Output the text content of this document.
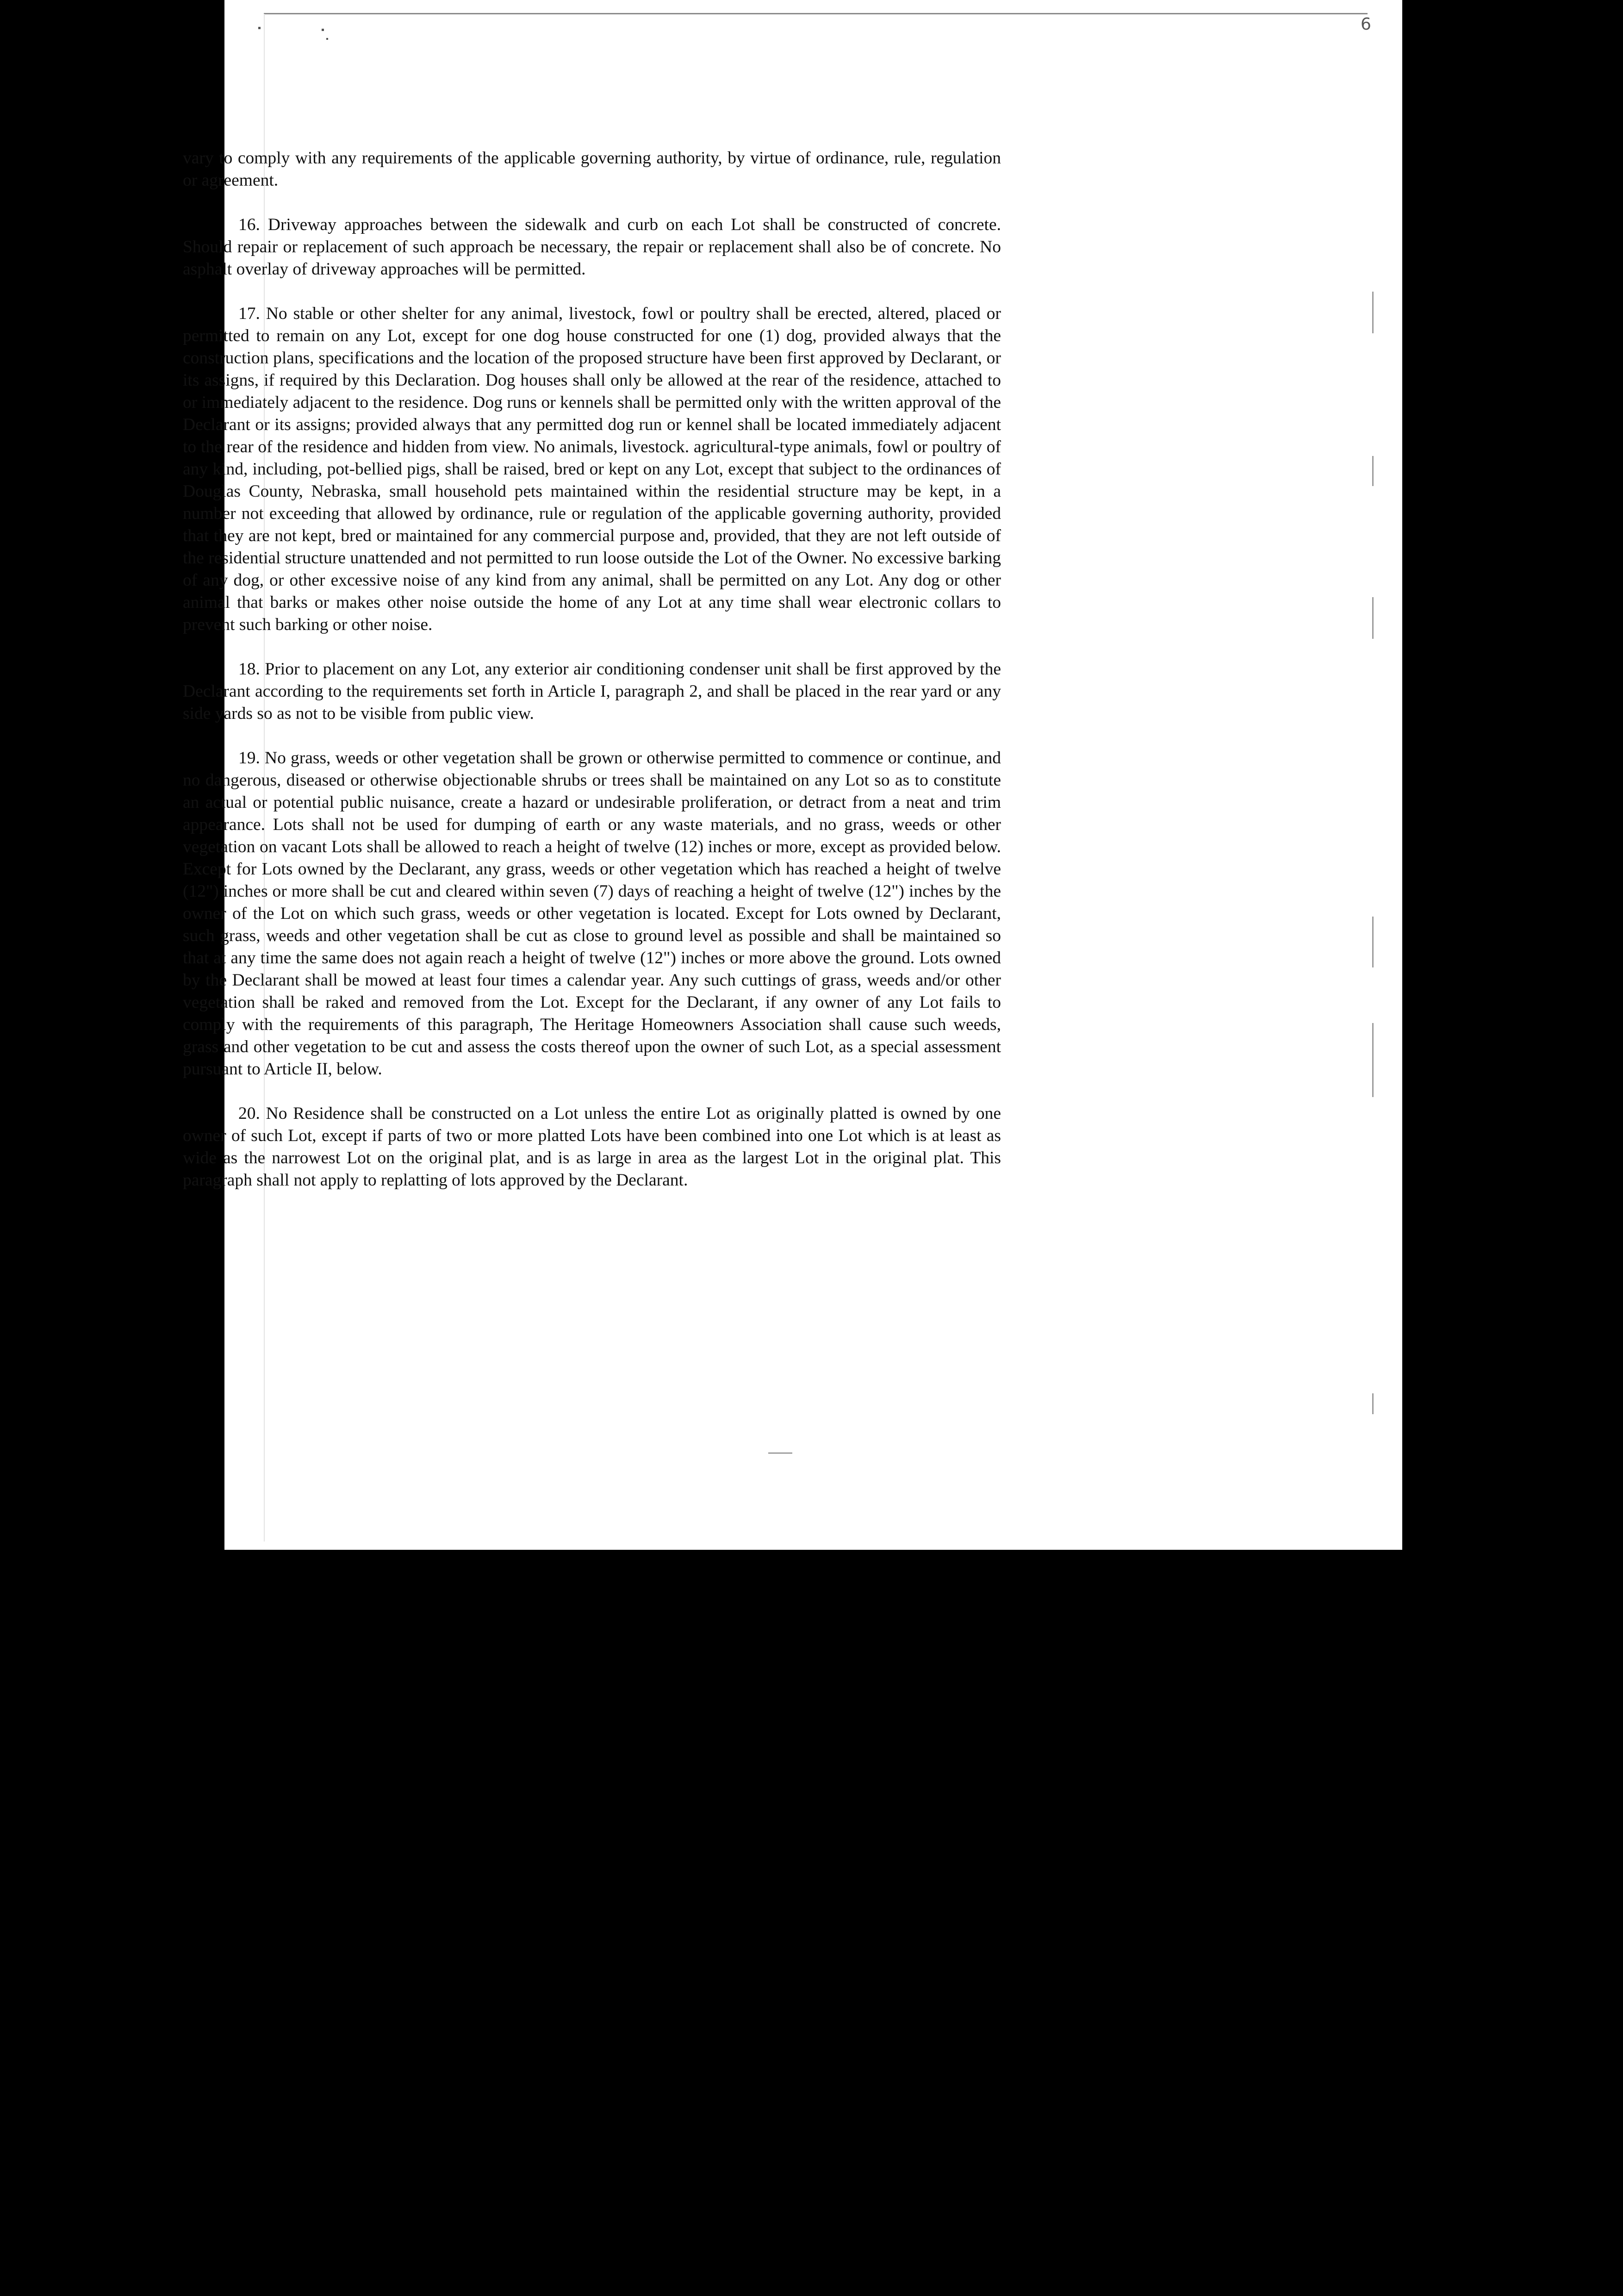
6

vary to comply with any requirements of the applicable governing authority, by virtue of ordinance, rule, regulation or agreement.

16. Driveway approaches between the sidewalk and curb on each Lot shall be constructed of concrete. Should repair or replacement of such approach be necessary, the repair or replacement shall also be of concrete. No asphalt overlay of driveway approaches will be permitted.

17. No stable or other shelter for any animal, livestock, fowl or poultry shall be erected, altered, placed or permitted to remain on any Lot, except for one dog house constructed for one (1) dog, provided always that the construction plans, specifications and the location of the proposed structure have been first approved by Declarant, or its assigns, if required by this Declaration. Dog houses shall only be allowed at the rear of the residence, attached to or immediately adjacent to the residence. Dog runs or kennels shall be permitted only with the written approval of the Declarant or its assigns; provided always that any permitted dog run or kennel shall be located immediately adjacent to the rear of the residence and hidden from view. No animals, livestock. agricultural-type animals, fowl or poultry of any kind, including, pot-bellied pigs, shall be raised, bred or kept on any Lot, except that subject to the ordinances of Douglas County, Nebraska, small household pets maintained within the residential structure may be kept, in a number not exceeding that allowed by ordinance, rule or regulation of the applicable governing authority, provided that they are not kept, bred or maintained for any commercial purpose and, provided, that they are not left outside of the residential structure unattended and not permitted to run loose outside the Lot of the Owner. No excessive barking of any dog, or other excessive noise of any kind from any animal, shall be permitted on any Lot. Any dog or other animal that barks or makes other noise outside the home of any Lot at any time shall wear electronic collars to prevent such barking or other noise.

18. Prior to placement on any Lot, any exterior air conditioning condenser unit shall be first approved by the Declarant according to the requirements set forth in Article I, paragraph 2, and shall be placed in the rear yard or any side yards so as not to be visible from public view.

19. No grass, weeds or other vegetation shall be grown or otherwise permitted to commence or continue, and no dangerous, diseased or otherwise objectionable shrubs or trees shall be maintained on any Lot so as to constitute an actual or potential public nuisance, create a hazard or undesirable proliferation, or detract from a neat and trim appearance. Lots shall not be used for dumping of earth or any waste materials, and no grass, weeds or other vegetation on vacant Lots shall be allowed to reach a height of twelve (12) inches or more, except as provided below. Except for Lots owned by the Declarant, any grass, weeds or other vegetation which has reached a height of twelve (12") inches or more shall be cut and cleared within seven (7) days of reaching a height of twelve (12") inches by the owner of the Lot on which such grass, weeds or other vegetation is located. Except for Lots owned by Declarant, such grass, weeds and other vegetation shall be cut as close to ground level as possible and shall be maintained so that at any time the same does not again reach a height of twelve (12") inches or more above the ground. Lots owned by the Declarant shall be mowed at least four times a calendar year. Any such cuttings of grass, weeds and/or other vegetation shall be raked and removed from the Lot. Except for the Declarant, if any owner of any Lot fails to comply with the requirements of this paragraph, The Heritage Homeowners Association shall cause such weeds, grass and other vegetation to be cut and assess the costs thereof upon the owner of such Lot, as a special assessment pursuant to Article II, below.

20. No Residence shall be constructed on a Lot unless the entire Lot as originally platted is owned by one owner of such Lot, except if parts of two or more platted Lots have been combined into one Lot which is at least as wide as the narrowest Lot on the original plat, and is as large in area as the largest Lot in the original plat. This paragraph shall not apply to replatting of lots approved by the Declarant.
